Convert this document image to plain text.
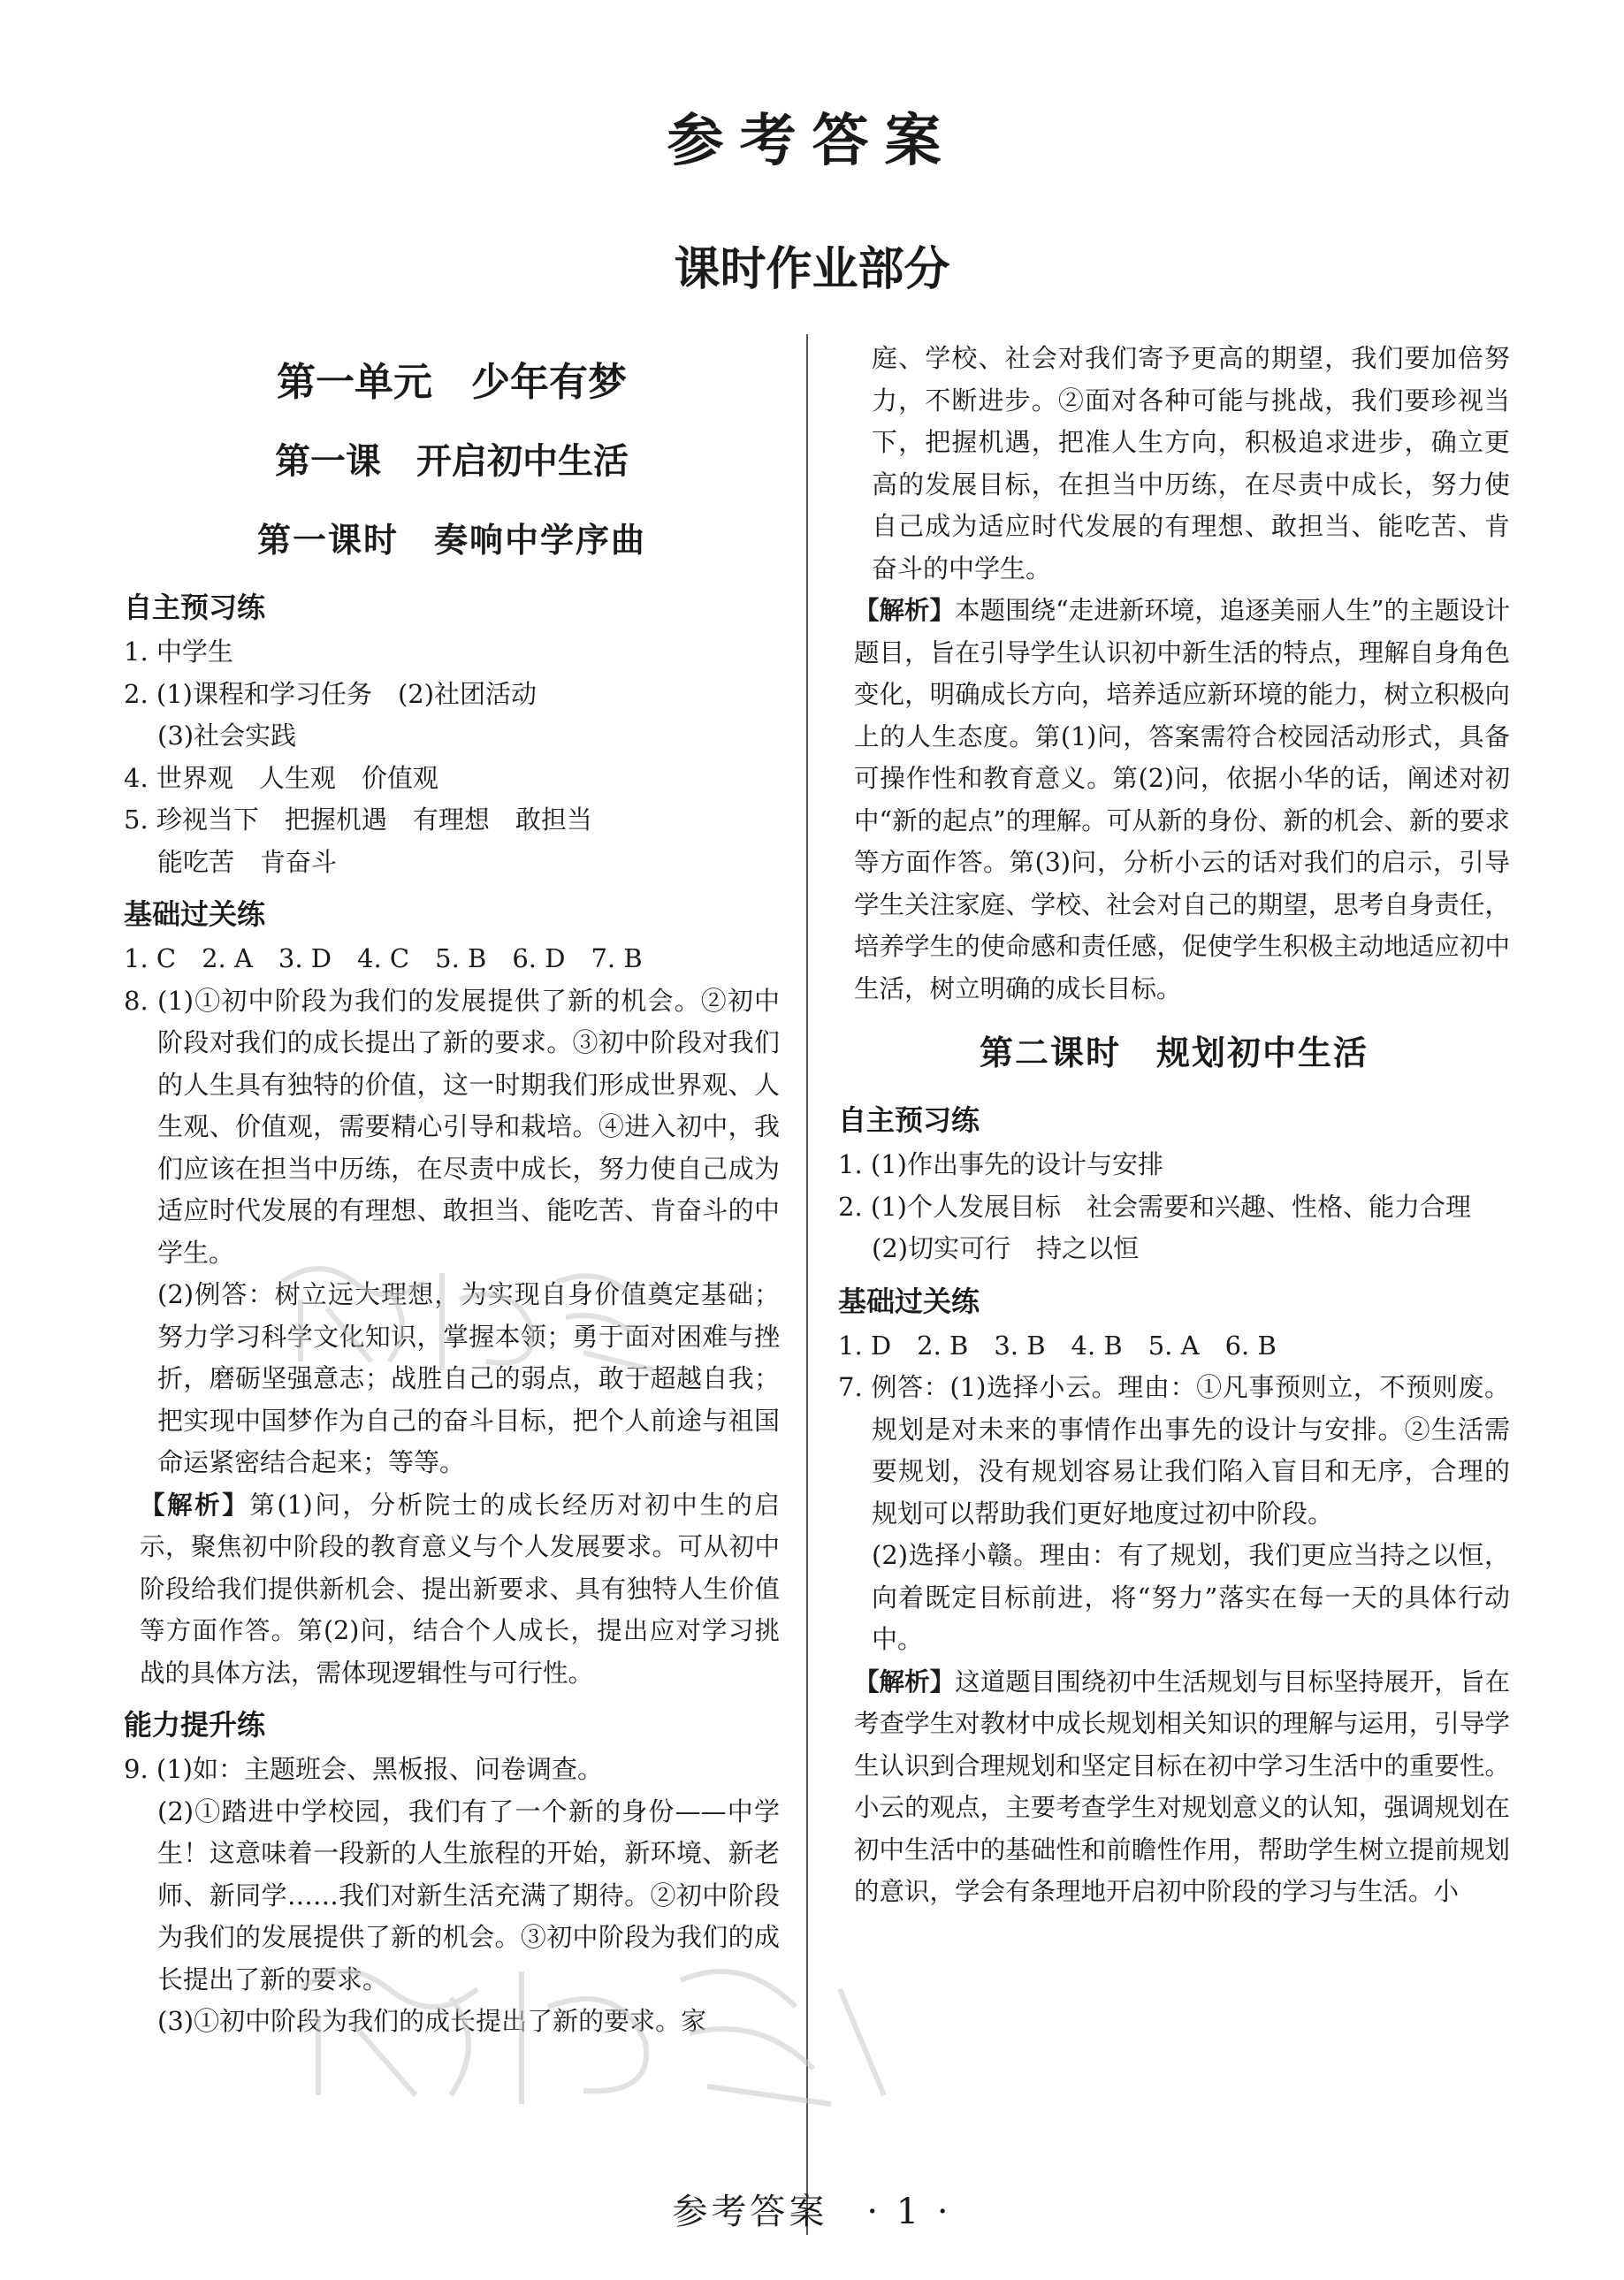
参考答案
课时作业部分
第一单元　少年有梦
第一课　开启初中生活
第一课时　奏响中学序曲
自主预习练
1. 中学生
2. (1)课程和学习任务　(2)社团活动
(3)社会实践
4. 世界观　人生观　价值观
5. 珍视当下　把握机遇　有理想　敢担当
能吃苦　肯奋斗
基础过关练
1. C　2. A　3. D　4. C　5. B　6. D　7. B
8. (1)①初中阶段为我们的发展提供了新的机会。②初中阶段对我们的成长提出了新的要求。③初中阶段对我们的人生具有独特的价值，这一时期我们形成世界观、人生观、价值观，需要精心引导和栽培。④进入初中，我们应该在担当中历练，在尽责中成长，努力使自己成为适应时代发展的有理想、敢担当、能吃苦、肯奋斗的中学生。
(2)例答：树立远大理想，为实现自身价值奠定基础；努力学习科学文化知识，掌握本领；勇于面对困难与挫折，磨砺坚强意志；战胜自己的弱点，敢于超越自我；把实现中国梦作为自己的奋斗目标，把个人前途与祖国命运紧密结合起来；等等。
【解析】第(1)问，分析院士的成长经历对初中生的启示，聚焦初中阶段的教育意义与个人发展要求。可从初中阶段给我们提供新机会、提出新要求、具有独特人生价值等方面作答。第(2)问，结合个人成长，提出应对学习挑战的具体方法，需体现逻辑性与可行性。
能力提升练
9. (1)如：主题班会、黑板报、问卷调查。
(2)①踏进中学校园，我们有了一个新的身份——中学生！这意味着一段新的人生旅程的开始，新环境、新老师、新同学……我们对新生活充满了期待。②初中阶段为我们的发展提供了新的机会。③初中阶段为我们的成长提出了新的要求。
(3)①初中阶段为我们的成长提出了新的要求。家
庭、学校、社会对我们寄予更高的期望，我们要加倍努力，不断进步。②面对各种可能与挑战，我们要珍视当下，把握机遇，把准人生方向，积极追求进步，确立更高的发展目标，在担当中历练，在尽责中成长，努力使自己成为适应时代发展的有理想、敢担当、能吃苦、肯奋斗的中学生。
【解析】本题围绕“走进新环境，追逐美丽人生”的主题设计题目，旨在引导学生认识初中新生活的特点，理解自身角色变化，明确成长方向，培养适应新环境的能力，树立积极向上的人生态度。第(1)问，答案需符合校园活动形式，具备可操作性和教育意义。第(2)问，依据小华的话，阐述对初中“新的起点”的理解。可从新的身份、新的机会、新的要求等方面作答。第(3)问，分析小云的话对我们的启示，引导学生关注家庭、学校、社会对自己的期望，思考自身责任，培养学生的使命感和责任感，促使学生积极主动地适应初中生活，树立明确的成长目标。
第二课时　规划初中生活
自主预习练
1. (1)作出事先的设计与安排
2. (1)个人发展目标　社会需要和兴趣、性格、能力合理
(2)切实可行　持之以恒
基础过关练
1. D　2. B　3. B　4. B　5. A　6. B
7. 例答：(1)选择小云。理由：①凡事预则立，不预则废。规划是对未来的事情作出事先的设计与安排。②生活需要规划，没有规划容易让我们陷入盲目和无序，合理的规划可以帮助我们更好地度过初中阶段。
(2)选择小赣。理由：有了规划，我们更应当持之以恒，向着既定目标前进，将“努力”落实在每一天的具体行动中。
【解析】这道题目围绕初中生活规划与目标坚持展开，旨在考查学生对教材中成长规划相关知识的理解与运用，引导学生认识到合理规划和坚定目标在初中学习生活中的重要性。小云的观点，主要考查学生对规划意义的认知，强调规划在初中生活中的基础性和前瞻性作用，帮助学生树立提前规划的意识，学会有条理地开启初中阶段的学习与生活。小
参考答案　· 1 ·
